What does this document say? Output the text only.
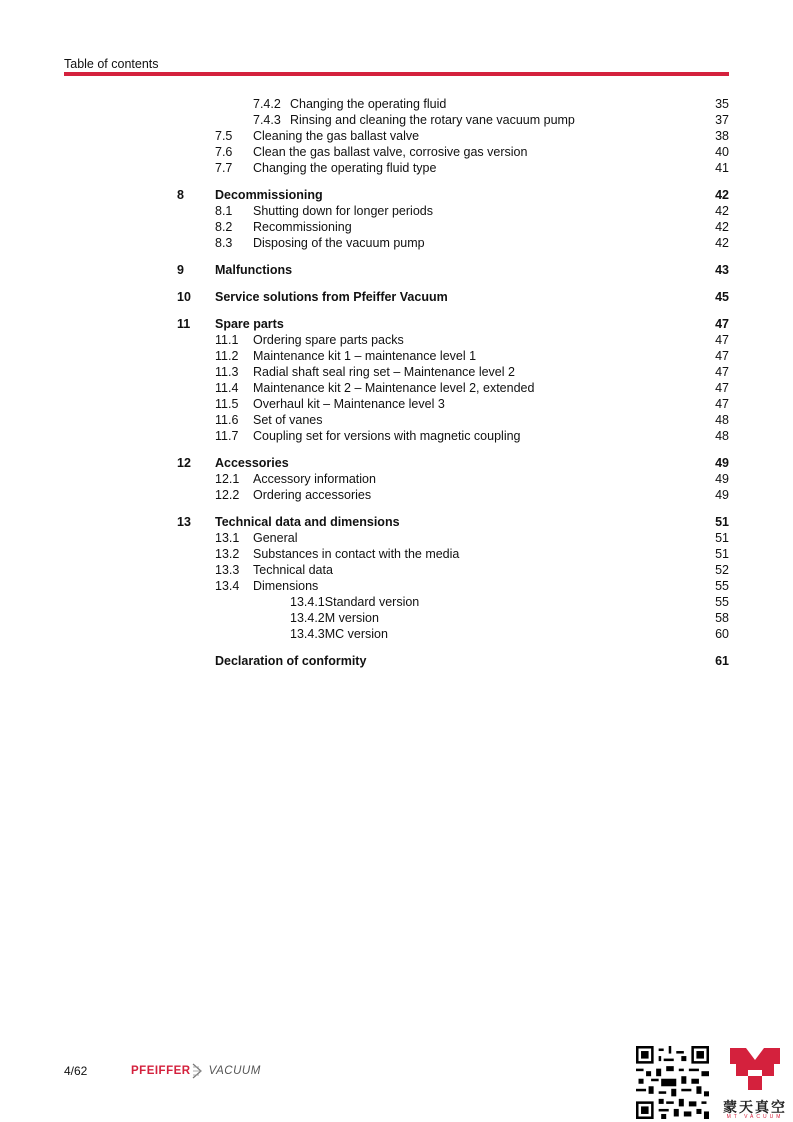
Table of contents
7.4.2 Changing the operating fluid	35
7.4.3 Rinsing and cleaning the rotary vane vacuum pump	37
7.5 Cleaning the gas ballast valve	38
7.6 Clean the gas ballast valve, corrosive gas version	40
7.7 Changing the operating fluid type	41
8 Decommissioning	42
8.1 Shutting down for longer periods	42
8.2 Recommissioning	42
8.3 Disposing of the vacuum pump	42
9 Malfunctions	43
10 Service solutions from Pfeiffer Vacuum	45
11 Spare parts	47
11.1 Ordering spare parts packs	47
11.2 Maintenance kit 1 – maintenance level 1	47
11.3 Radial shaft seal ring set – Maintenance level 2	47
11.4 Maintenance kit 2 – Maintenance level 2, extended	47
11.5 Overhaul kit – Maintenance level 3	47
11.6 Set of vanes	48
11.7 Coupling set for versions with magnetic coupling	48
12 Accessories	49
12.1 Accessory information	49
12.2 Ordering accessories	49
13 Technical data and dimensions	51
13.1 General	51
13.2 Substances in contact with the media	51
13.3 Technical data	52
13.4 Dimensions	55
13.4.1Standard version	55
13.4.2M version	58
13.4.3MC version	60
Declaration of conformity	61
4/62	PFEIFFER VACUUM
蒙天真空
MT VACUUM
